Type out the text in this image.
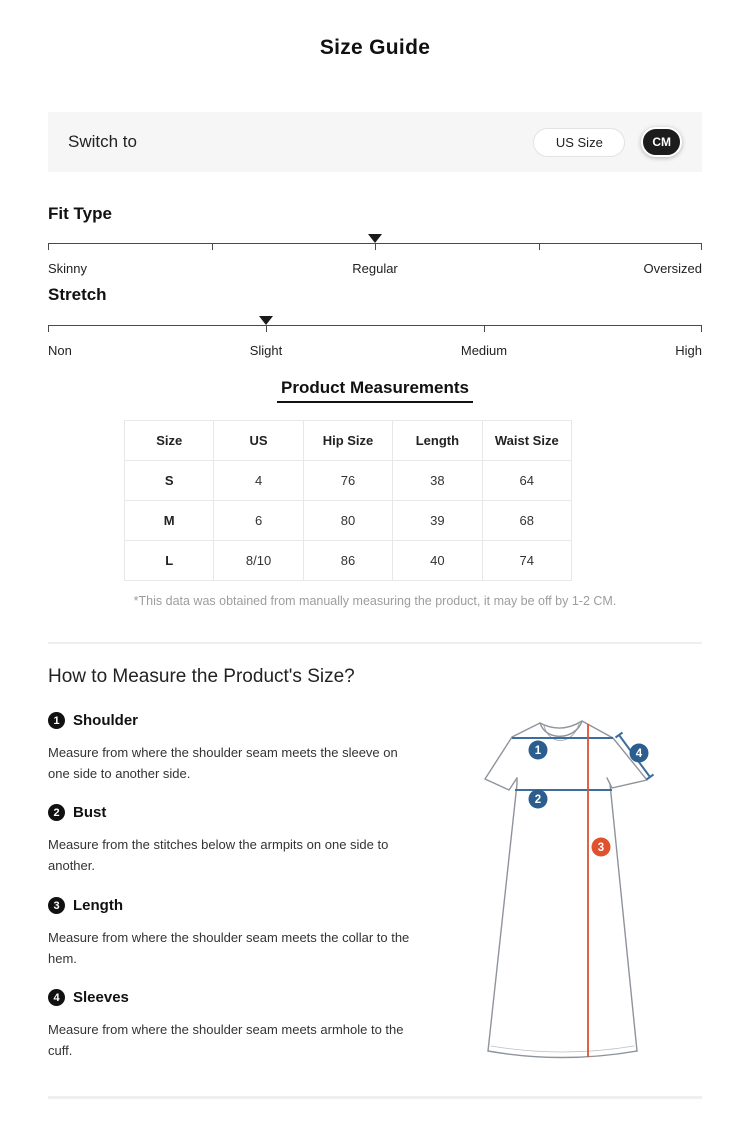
Size Guide
Switch to	US Size	CM
Fit Type
Skinny	Regular	Oversized
Stretch
Non	Slight	Medium	High
Product Measurements
Size	US	Hip Size	Length	Waist Size
S	4	76	38	64
M	6	80	39	68
L	8/10	86	40	74
*This data was obtained from manually measuring the product, it may be off by 1-2 CM.
How to Measure the Product's Size?
1 Shoulder
Measure from where the shoulder seam meets the sleeve on one side to another side.
2 Bust
Measure from the stitches below the armpits on one side to another.
3 Length
Measure from where the shoulder seam meets the collar to the hem.
4 Sleeves
Measure from where the shoulder seam meets armhole to the cuff.
1
2
3
4
